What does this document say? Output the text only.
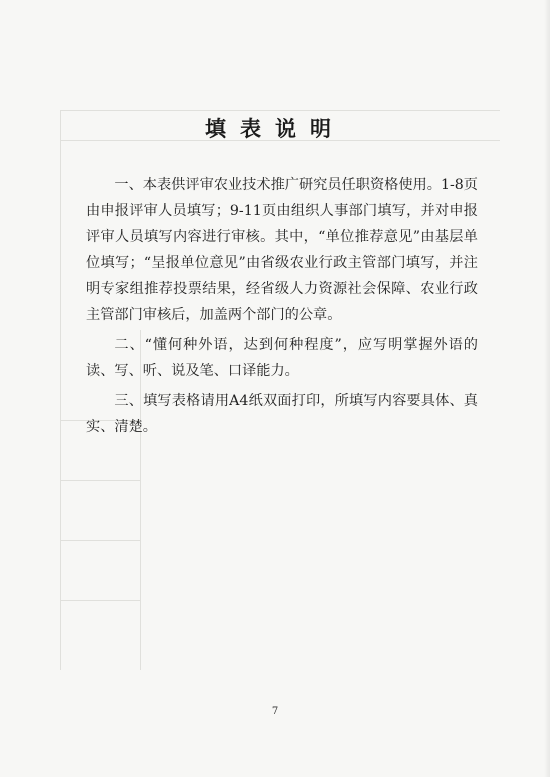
填表说明

一、本表供评审农业技术推广研究员任职资格使用。1-8页由申报评审人员填写；9-11页由组织人事部门填写，并对申报评审人员填写内容进行审核。其中，“单位推荐意见”由基层单位填写；“呈报单位意见”由省级农业行政主管部门填写，并注明专家组推荐投票结果，经省级人力资源社会保障、农业行政主管部门审核后，加盖两个部门的公章。

二、“懂何种外语，达到何种程度”，应写明掌握外语的读、写、听、说及笔、口译能力。

三、填写表格请用A4纸双面打印，所填写内容要具体、真实、清楚。

7
